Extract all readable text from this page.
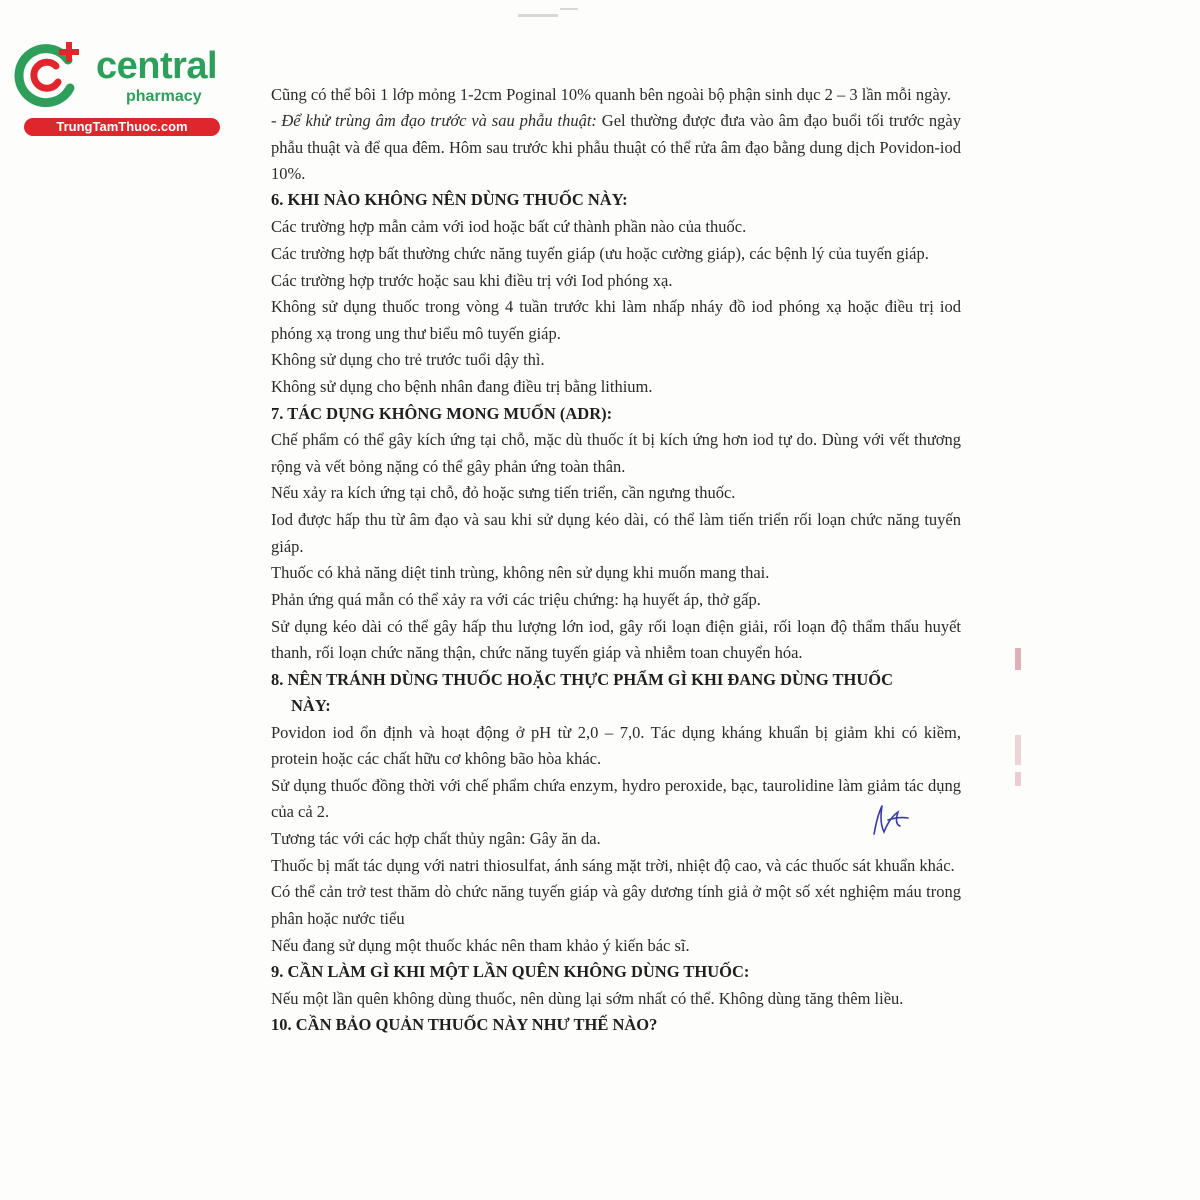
central
pharmacy
TrungTamThuoc.com

Cũng có thể bôi 1 lớp mỏng 1-2cm Poginal 10% quanh bên ngoài bộ phận sinh dục 2 – 3 lần mỗi ngày.

- Để khử trùng âm đạo trước và sau phẫu thuật: Gel thường được đưa vào âm đạo buổi tối trước ngày phẫu thuật và để qua đêm. Hôm sau trước khi phẫu thuật có thể rửa âm đạo bằng dung dịch Povidon-iod 10%.

6. KHI NÀO KHÔNG NÊN DÙNG THUỐC NÀY:

Các trường hợp mẫn cảm với iod hoặc bất cứ thành phần nào của thuốc.

Các trường hợp bất thường chức năng tuyến giáp (ưu hoặc cường giáp), các bệnh lý của tuyến giáp.

Các trường hợp trước hoặc sau khi điều trị với Iod phóng xạ.

Không sử dụng thuốc trong vòng 4 tuần trước khi làm nhấp nháy đồ iod phóng xạ hoặc điều trị iod phóng xạ trong ung thư biểu mô tuyến giáp.

Không sử dụng cho trẻ trước tuổi dậy thì.

Không sử dụng cho bệnh nhân đang điều trị bằng lithium.

7. TÁC DỤNG KHÔNG MONG MUỐN (ADR):

Chế phẩm có thể gây kích ứng tại chỗ, mặc dù thuốc ít bị kích ứng hơn iod tự do. Dùng với vết thương rộng và vết bỏng nặng có thể gây phản ứng toàn thân.

Nếu xảy ra kích ứng tại chỗ, đỏ hoặc sưng tiến triển, cần ngưng thuốc.

Iod được hấp thu từ âm đạo và sau khi sử dụng kéo dài, có thể làm tiến triển rối loạn chức năng tuyến giáp.

Thuốc có khả năng diệt tinh trùng, không nên sử dụng khi muốn mang thai.

Phản ứng quá mẫn có thể xảy ra với các triệu chứng: hạ huyết áp, thở gấp.

Sử dụng kéo dài có thể gây hấp thu lượng lớn iod, gây rối loạn điện giải, rối loạn độ thẩm thấu huyết thanh, rối loạn chức năng thận, chức năng tuyến giáp và nhiễm toan chuyển hóa.

8. NÊN TRÁNH DÙNG THUỐC HOẶC THỰC PHẨM GÌ KHI ĐANG DÙNG THUỐC
NÀY:

Povidon iod ổn định và hoạt động ở pH từ 2,0 – 7,0. Tác dụng kháng khuẩn bị giảm khi có kiềm, protein hoặc các chất hữu cơ không bão hòa khác.

Sử dụng thuốc đồng thời với chế phẩm chứa enzym, hydro peroxide, bạc, taurolidine làm giảm tác dụng của cả 2.

Tương tác với các hợp chất thủy ngân: Gây ăn da.

Thuốc bị mất tác dụng với natri thiosulfat, ánh sáng mặt trời, nhiệt độ cao, và các thuốc sát khuẩn khác.

Có thể cản trở test thăm dò chức năng tuyến giáp và gây dương tính giả ở một số xét nghiệm máu trong phân hoặc nước tiểu

Nếu đang sử dụng một thuốc khác nên tham khảo ý kiến bác sĩ.

9. CẦN LÀM GÌ KHI MỘT LẦN QUÊN KHÔNG DÙNG THUỐC:

Nếu một lần quên không dùng thuốc, nên dùng lại sớm nhất có thể. Không dùng tăng thêm liều.

10. CẦN BẢO QUẢN THUỐC NÀY NHƯ THẾ NÀO?
